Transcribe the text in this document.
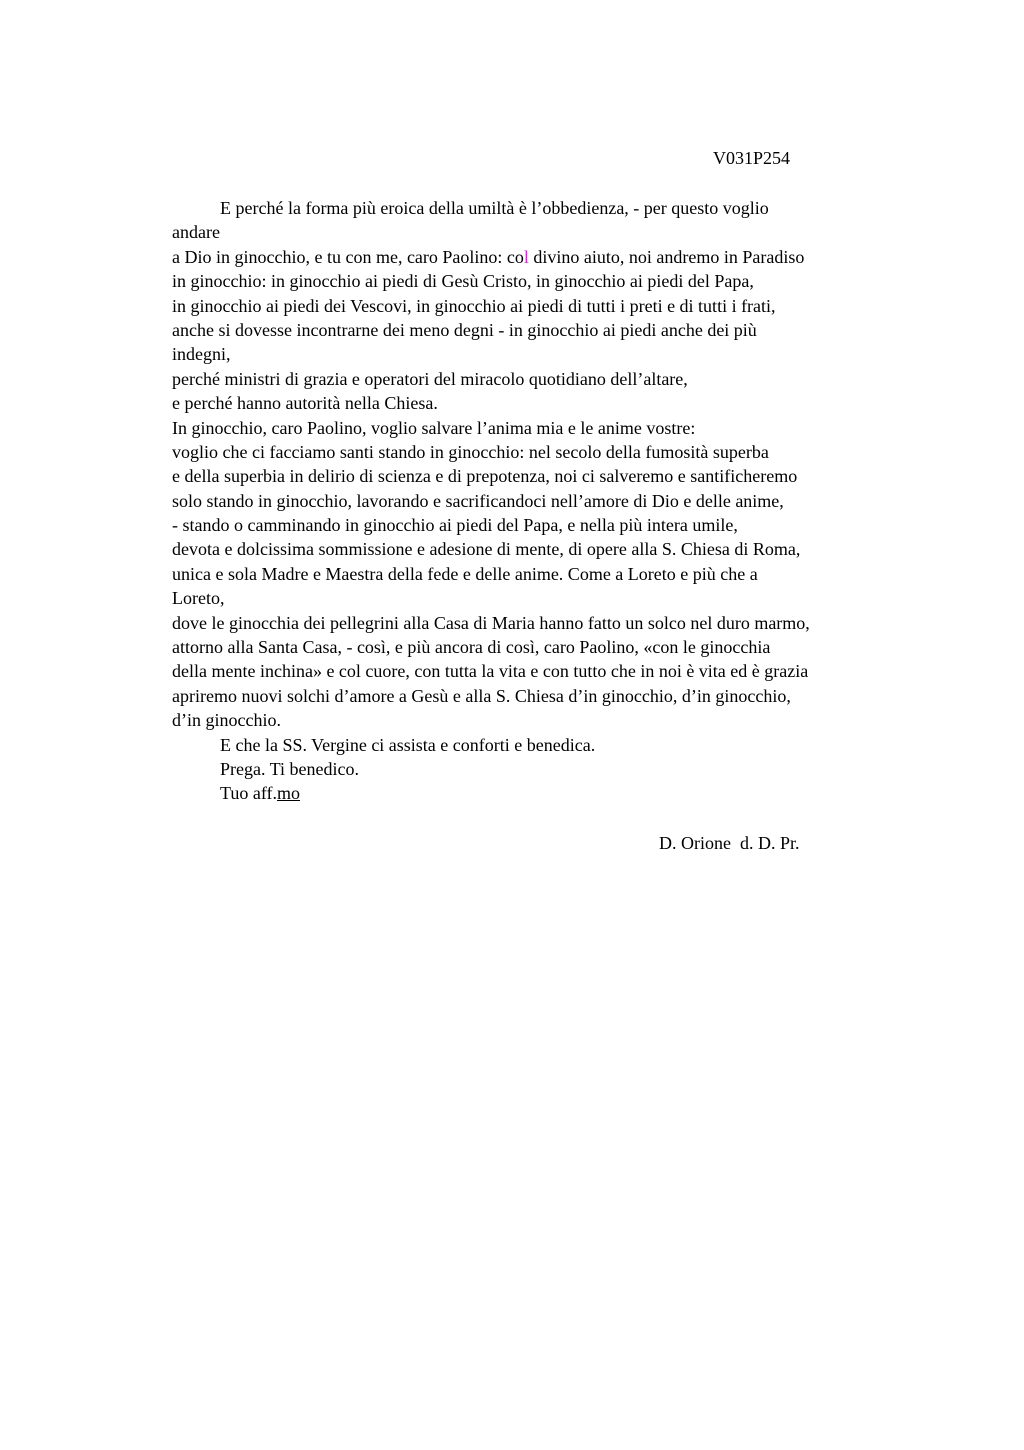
V031P254
E perché la forma più eroica della umiltà è l’obbedienza, - per questo voglio
andare
a Dio in ginocchio, e tu con me, caro Paolino: col divino aiuto, noi andremo in Paradiso
in ginocchio: in ginocchio ai piedi di Gesù Cristo, in ginocchio ai piedi del Papa,
in ginocchio ai piedi dei Vescovi, in ginocchio ai piedi di tutti i preti e di tutti i frati,
anche si dovesse incontrarne dei meno degni - in ginocchio ai piedi anche dei più
indegni,
perché ministri di grazia e operatori del miracolo quotidiano dell’altare,
e perché hanno autorità nella Chiesa.
In ginocchio, caro Paolino, voglio salvare l’anima mia e le anime vostre:
voglio che ci facciamo santi stando in ginocchio: nel secolo della fumosità superba
e della superbia in delirio di scienza e di prepotenza, noi ci salveremo e santificheremo
solo stando in ginocchio, lavorando e sacrificandoci nell’amore di Dio e delle anime,
- stando o camminando in ginocchio ai piedi del Papa, e nella più intera umile,
devota e dolcissima sommissione e adesione di mente, di opere alla S. Chiesa di Roma,
unica e sola Madre e Maestra della fede e delle anime. Come a Loreto e più che a
Loreto,
dove le ginocchia dei pellegrini alla Casa di Maria hanno fatto un solco nel duro marmo,
attorno alla Santa Casa, - così, e più ancora di così, caro Paolino, «con le ginocchia
della mente inchina» e col cuore, con tutta la vita e con tutto che in noi è vita ed è grazia
apriremo nuovi solchi d’amore a Gesù e alla S. Chiesa d’in ginocchio, d’in ginocchio,
d’in ginocchio.
E che la SS. Vergine ci assista e conforti e benedica.
Prega. Ti benedico.
Tuo aff.mo
D. Orione  d. D. Pr.
